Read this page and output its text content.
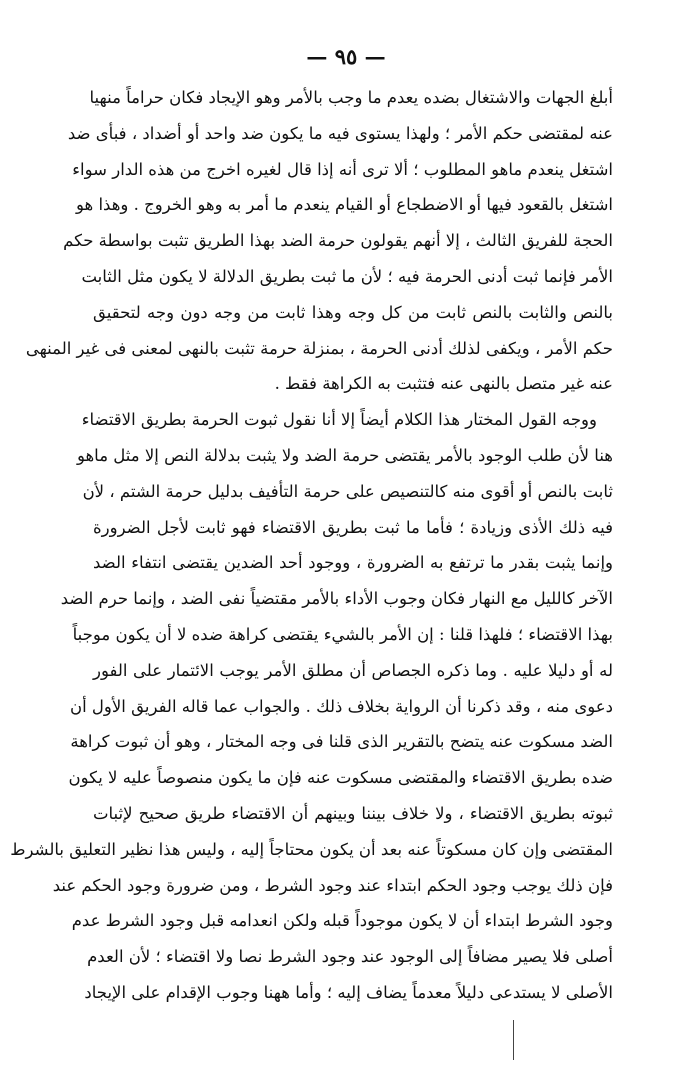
— ٩٥ —
أبلغ الجهات والاشتغال بضده يعدم ما وجب بالأمر وهو الإيجاد فكان حراماً منهيا
عنه لمقتضى حكم الأمر ؛ ولهذا يستوى فيه ما يكون ضد واحد أو أضداد ، فبأى ضد
اشتغل ينعدم ماهو المطلوب ؛ ألا ترى أنه إذا قال لغيره اخرج من هذه الدار سواء
اشتغل بالقعود فيها أو الاضطجاع أو القيام ينعدم ما أمر به وهو الخروج . وهذا هو
الحجة للفريق الثالث ، إلا أنهم يقولون حرمة الضد بهذا الطريق تثبت بواسطة حكم
الأمر فإنما ثبت أدنى الحرمة فيه ؛ لأن ما ثبت بطريق الدلالة لا يكون مثل الثابت
بالنص والثابت بالنص ثابت من كل وجه وهذا ثابت من وجه دون وجه لتحقيق
حكم الأمر ، ويكفى لذلك أدنى الحرمة ، بمنزلة حرمة تثبت بالنهى لمعنى فى غير المنهى
عنه غير متصل بالنهى عنه فتثبت به الكراهة فقط .
ووجه القول المختار هذا الكلام أيضاً إلا أنا نقول ثبوت الحرمة بطريق الاقتضاء
هنا لأن طلب الوجود بالأمر يقتضى حرمة الضد ولا يثبت بدلالة النص إلا مثل ماهو
ثابت بالنص أو أقوى منه كالتنصيص على حرمة التأفيف بدليل حرمة الشتم ، لأن
فيه ذلك الأذى وزيادة ؛ فأما ما ثبت بطريق الاقتضاء فهو ثابت لأجل الضرورة
وإنما يثبت بقدر ما ترتفع به الضرورة ، ووجود أحد الضدين يقتضى انتفاء الضد
الآخر كالليل مع النهار فكان وجوب الأداء بالأمر مقتضياً نفى الضد ، وإنما حرم الضد
بهذا الاقتضاء ؛ فلهذا قلنا : إن الأمر بالشيء يقتضى كراهة ضده لا أن يكون موجباً
له أو دليلا عليه . وما ذكره الجصاص أن مطلق الأمر يوجب الائتمار على الفور
دعوى منه ، وقد ذكرنا أن الرواية بخلاف ذلك . والجواب عما قاله الفريق الأول أن
الضد مسكوت عنه يتضح بالتقرير الذى قلنا فى وجه المختار ، وهو أن ثبوت كراهة
ضده بطريق الاقتضاء والمقتضى مسكوت عنه فإن ما يكون منصوصاً عليه لا يكون
ثبوته بطريق الاقتضاء ، ولا خلاف بيننا وبينهم أن الاقتضاء طريق صحيح لإثبات
المقتضى وإن كان مسكوتاً عنه بعد أن يكون محتاجاً إليه ، وليس هذا نظير التعليق بالشرط
فإن ذلك يوجب وجود الحكم ابتداء عند وجود الشرط ، ومن ضرورة وجود الحكم عند
وجود الشرط ابتداء أن لا يكون موجوداً قبله ولكن انعدامه قبل وجود الشرط عدم
أصلى فلا يصير مضافاً إلى الوجود عند وجود الشرط نصا ولا اقتضاء ؛ لأن العدم
الأصلى لا يستدعى دليلاً معدماً يضاف إليه ؛ وأما ههنا وجوب الإقدام على الإيجاد
